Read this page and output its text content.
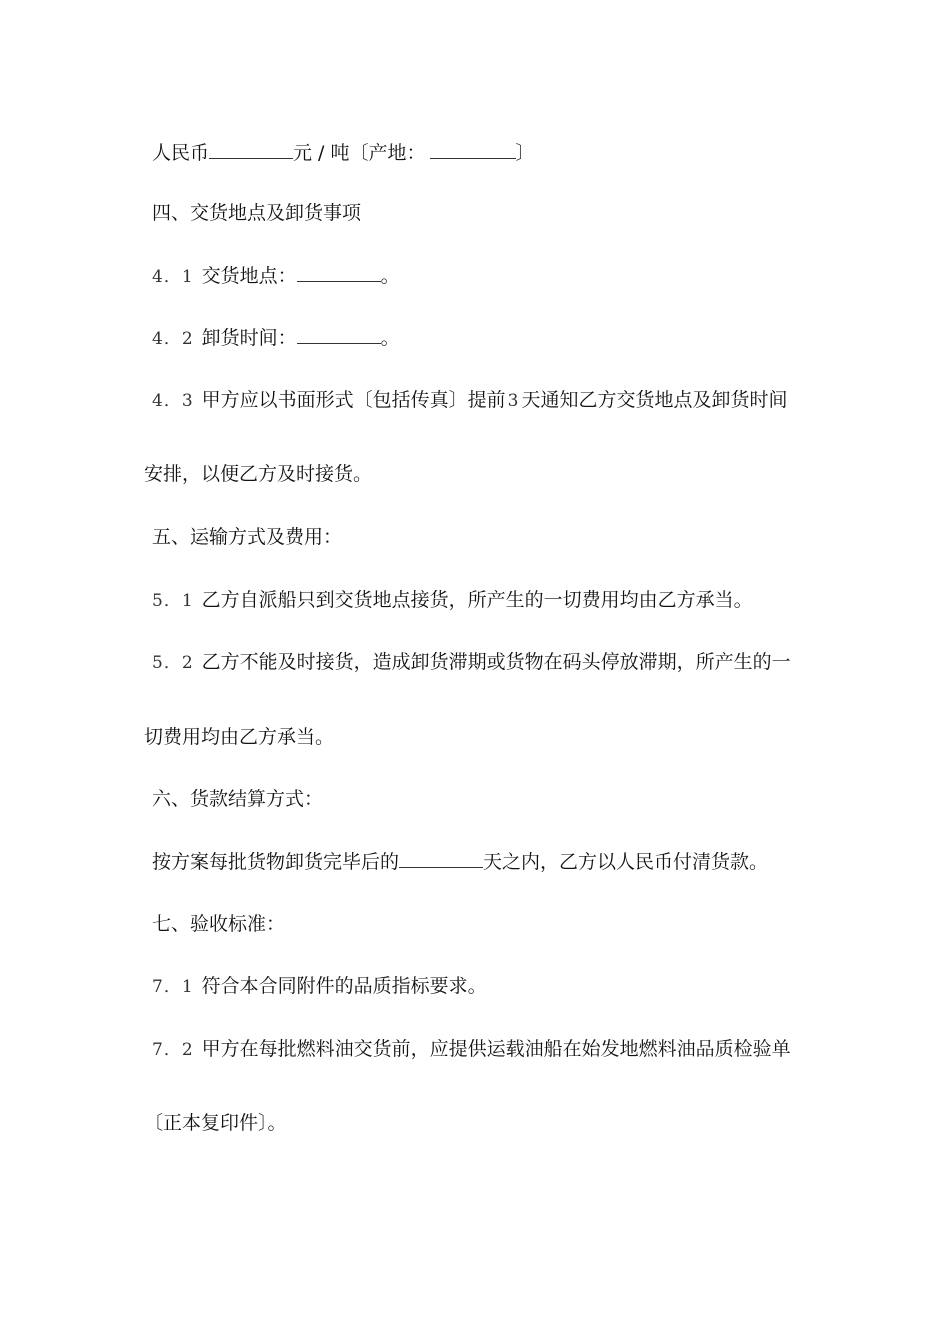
人民币	元 / 吨〔产地：	〕
四、交货地点及卸货事项
4．1 交货地点：	。
4．2 卸货时间：	。
4．3 甲方应以书面形式〔包括传真〕提前 3 天通知乙方交货地点及卸货时间
安排，以便乙方及时接货。
五、运输方式及费用：
5．1 乙方自派船只到交货地点接货，所产生的一切费用均由乙方承当。
5．2 乙方不能及时接货，造成卸货滞期或货物在码头停放滞期，所产生的一
切费用均由乙方承当。
六、货款结算方式：
按方案每批货物卸货完毕后的	天之内，乙方以人民币付清货款。
七、验收标准：
7．1 符合本合同附件的品质指标要求。
7．2 甲方在每批燃料油交货前，应提供运载油船在始发地燃料油品质检验单
〔正本复印件〕。
